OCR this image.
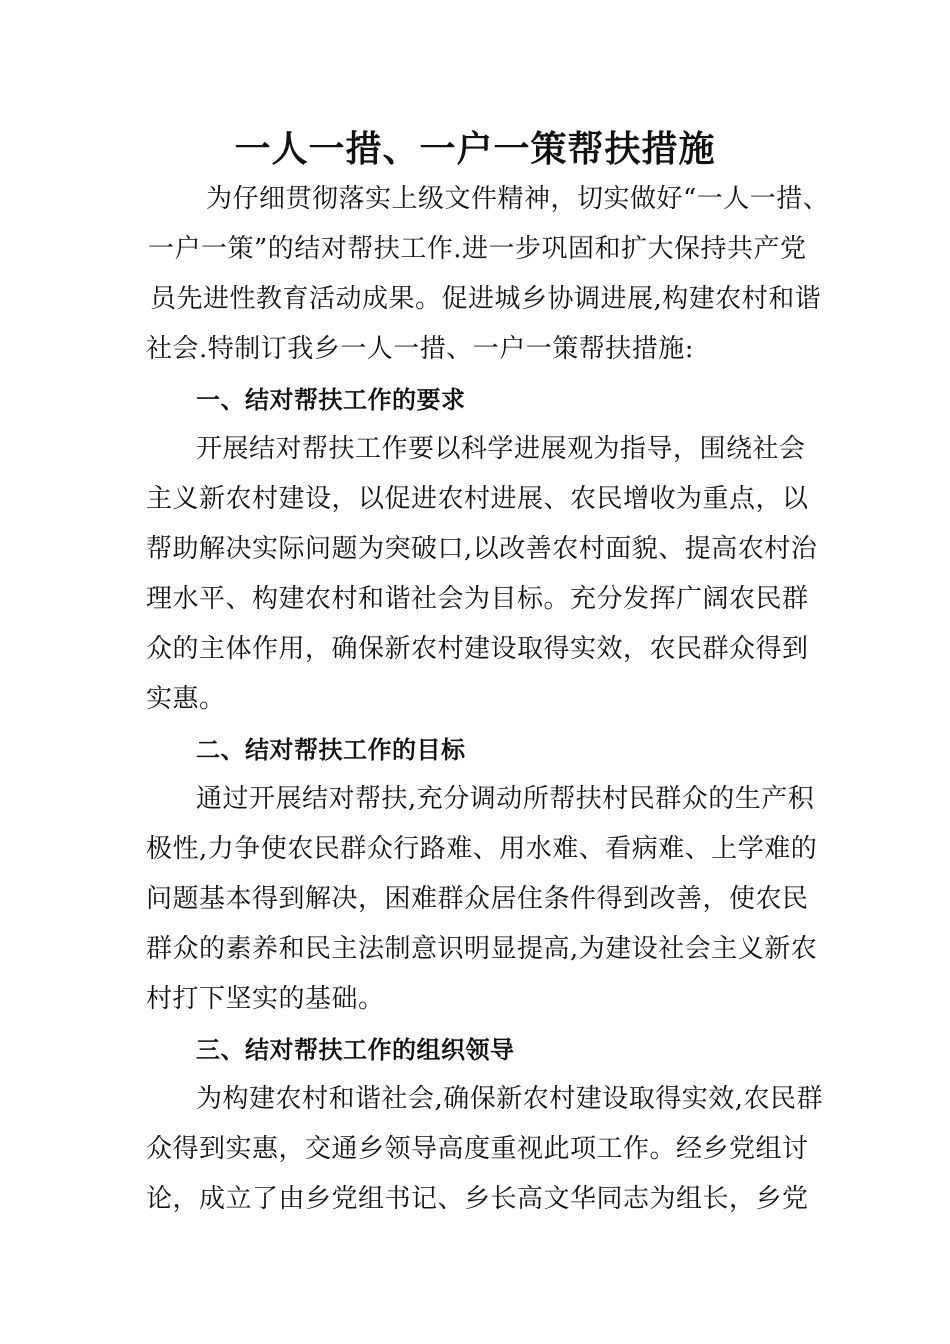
一人一措、一户一策帮扶措施
为仔细贯彻落实上级文件精神，切实做好“一人一措、
一户一策”的结对帮扶工作.进一步巩固和扩大保持共产党
员先进性教育活动成果。促进城乡协调进展,构建农村和谐
社会.特制订我乡一人一措、一户一策帮扶措施:
一、结对帮扶工作的要求
开展结对帮扶工作要以科学进展观为指导，围绕社会
主义新农村建设，以促进农村进展、农民增收为重点，以
帮助解决实际问题为突破口,以改善农村面貌、提高农村治
理水平、构建农村和谐社会为目标。充分发挥广阔农民群
众的主体作用，确保新农村建设取得实效，农民群众得到
实惠。
二、结对帮扶工作的目标
通过开展结对帮扶,充分调动所帮扶村民群众的生产积
极性,力争使农民群众行路难、用水难、看病难、上学难的
问题基本得到解决，困难群众居住条件得到改善，使农民
群众的素养和民主法制意识明显提高,为建设社会主义新农
村打下坚实的基础。
三、结对帮扶工作的组织领导
为构建农村和谐社会,确保新农村建设取得实效,农民群
众得到实惠，交通乡领导高度重视此项工作。经乡党组讨
论，成立了由乡党组书记、乡长高文华同志为组长，乡党
